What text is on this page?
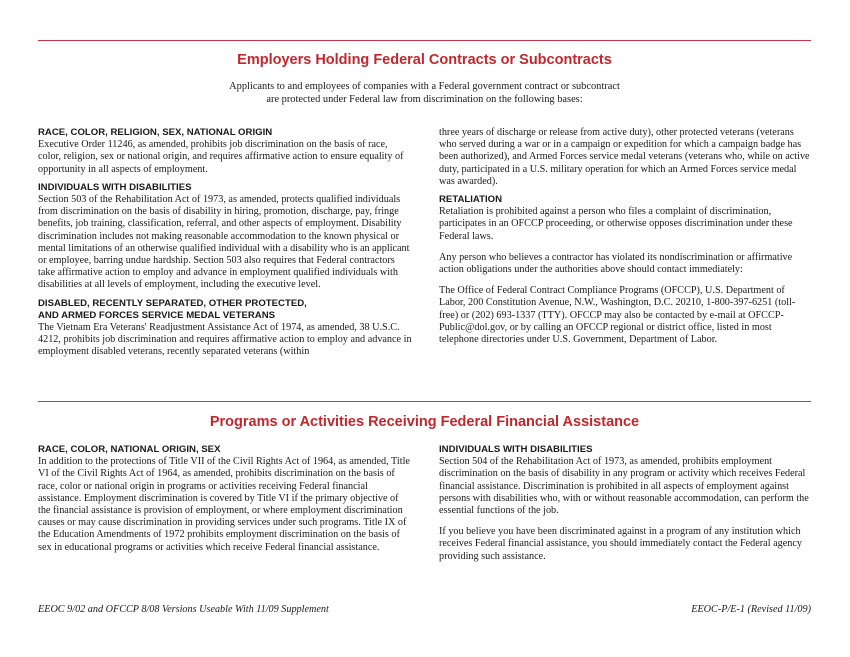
Employers Holding Federal Contracts or Subcontracts
Applicants to and employees of companies with a Federal government contract or subcontract
are protected under Federal law from discrimination on the following bases:

RACE, COLOR, RELIGION, SEX, NATIONAL ORIGIN

Executive Order 11246, as amended, prohibits job discrimination on the basis of race, color, religion, sex or national origin, and requires affirmative action to ensure equality of opportunity in all aspects of employment.

INDIVIDUALS WITH DISABILITIES

Section 503 of the Rehabilitation Act of 1973, as amended, protects qualified individuals from discrimination on the basis of disability in hiring, promotion, discharge, pay, fringe benefits, job training, classification, referral, and other aspects of employment. Disability discrimination includes not making reasonable accommodation to the known physical or mental limitations of an otherwise qualified individual with a disability who is an applicant or employee, barring undue hardship. Section 503 also requires that Federal contractors take affirmative action to employ and advance in employment qualified individuals with disabilities at all levels of employment, including the executive level.

DISABLED, RECENTLY SEPARATED, OTHER PROTECTED,

AND ARMED FORCES SERVICE MEDAL VETERANS

The Vietnam Era Veterans' Readjustment Assistance Act of 1974, as amended, 38 U.S.C. 4212, prohibits job discrimination and requires affirmative action to employ and advance in employment disabled veterans, recently separated veterans (within

three years of discharge or release from active duty), other protected veterans (veterans who served during a war or in a campaign or expedition for which a campaign badge has been authorized), and Armed Forces service medal veterans (veterans who, while on active duty, participated in a U.S. military operation for which an Armed Forces service medal was awarded).

RETALIATION

Retaliation is prohibited against a person who files a complaint of discrimination, participates in an OFCCP proceeding, or otherwise opposes discrimination under these Federal laws.

Any person who believes a contractor has violated its nondiscrimination or affirmative action obligations under the authorities above should contact immediately:

The Office of Federal Contract Compliance Programs (OFCCP), U.S. Department of Labor, 200 Constitution Avenue, N.W., Washington, D.C. 20210, 1-800-397-6251 (toll-free) or (202) 693-1337 (TTY). OFCCP may also be contacted by e-mail at OFCCP-Public@dol.gov, or by calling an OFCCP regional or district office, listed in most telephone directories under U.S. Government, Department of Labor.

Programs or Activities Receiving Federal Financial Assistance

RACE, COLOR, NATIONAL ORIGIN, SEX

In addition to the protections of Title VII of the Civil Rights Act of 1964, as amended, Title VI of the Civil Rights Act of 1964, as amended, prohibits discrimination on the basis of race, color or national origin in programs or activities receiving Federal financial assistance. Employment discrimination is covered by Title VI if the primary objective of the financial assistance is provision of employment, or where employment discrimination causes or may cause discrimination in providing services under such programs. Title IX of the Education Amendments of 1972 prohibits employment discrimination on the basis of sex in educational programs or activities which receive Federal financial assistance.

INDIVIDUALS WITH DISABILITIES

Section 504 of the Rehabilitation Act of 1973, as amended, prohibits employment discrimination on the basis of disability in any program or activity which receives Federal financial assistance. Discrimination is prohibited in all aspects of employment against persons with disabilities who, with or without reasonable accommodation, can perform the essential functions of the job.

If you believe you have been discriminated against in a program of any institution which receives Federal financial assistance, you should immediately contact the Federal agency providing such assistance.

EEOC 9/02 and OFCCP 8/08 Versions Useable With 11/09 Supplement	EEOC-P/E-1 (Revised 11/09)
